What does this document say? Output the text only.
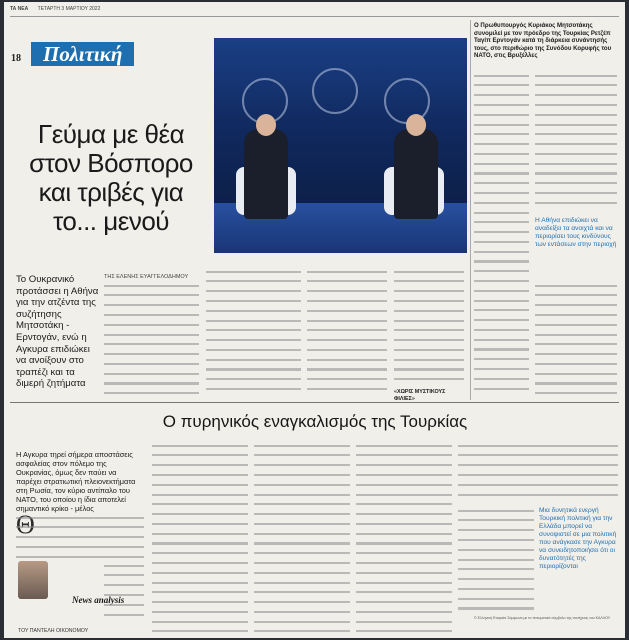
ΤΑ ΝΕΑ ΤΕΤΑΡΤΗ 3 ΜΑΡΤΙΟΥ 2022
18 Πολιτική
Ο Πρωθυπουργός Κυριάκος Μητσοτάκης συνομιλεί με τον πρόεδρο της Τουρκίας Ρετζέπ Ταγίπ Ερντογάν κατά τη διάρκεια συνάντησής τους, στο περιθώριο της Συνόδου Κορυφής του ΝΑΤΟ, στις Βρυξέλλες
Γεύμα με θέα στον Βόσπορο και τριβές για το... μενού
Το Ουκρανικό προτάσσει η Αθήνα για την ατζέντα της συζήτησης Μητσοτάκη - Ερντογάν, ενώ η Αγκυρα επιδιώκει να ανοίξουν στο τραπέζι και τα διμερή ζητήματα
ΤΗΣ ΕΛΕΝΗΣ ΕΥΑΓΓΕΛΟΔΗΜΟΥ
«ΧΩΡΙΣ ΜΥΣΤΙΚΟΥΣ ΦΙΛΙΕΣ»
Η Αθήνα επιδιώκει να αναδείξει τα ανοιχτά και να περιορίσει τους κινδύνους των εντάσεων στην περιοχή
Ο πυρηνικός εναγκαλισμός της Τουρκίας
Η Αγκυρα τηρεί σήμερα αποστάσεις ασφαλείας στον πόλεμο της Ουκρανίας, όμως δεν παύει να παρέχει στρατιωτική πλειονεκτήματα στη Ρωσία, τον κύριο αντίπαλο του ΝΑΤΟ, του οποίου η ίδια αποτελεί σημαντικό κρίκο - μέλος
Θ
News analysis
ΤΟΥ ΠΑΝΤΕΛΗ ΟΙΚΟΝΟΜΟΥ
Μια δυνητικά ενεργή Τουρκική πολιτική για την Ελλάδα μπορεί να συνοψιστεί σε μια πολιτική που ανάγκασε την Αγκυρα να συνειδητοποιήσει ότι οι δυνατότητές της περιορίζονται
© Ελληνική Εταιρεία Σύμφωνα με το πνευματικό σύμβολο της συνέχειας του ΚΑΛΛΟΥ
